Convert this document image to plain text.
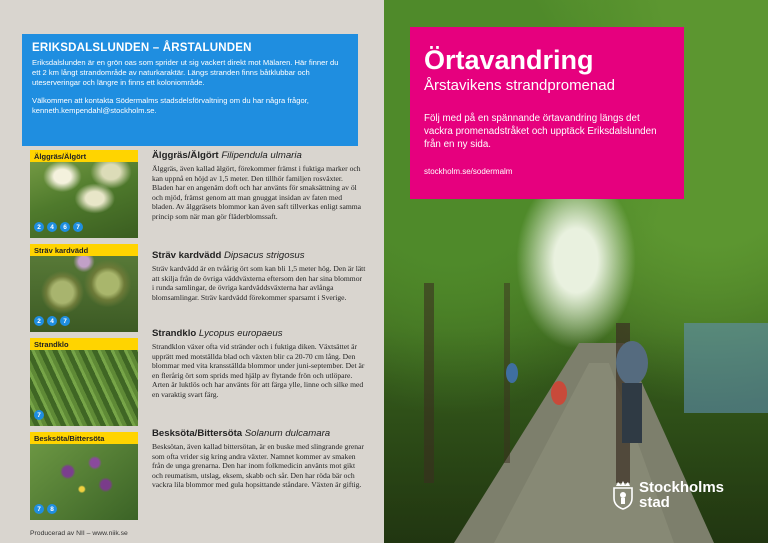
ERIKSDALSLUNDEN – ÅRSTALUNDEN

Eriksdalslunden är en grön oas som sprider ut sig vackert direkt mot Mälaren. Här finner du ett 2 km långt strandområde av naturkaraktär. Längs stranden finns båtklubbar och uteserveringar och längre in finns ett koloniområde.

Välkommen att kontakta Södermalms stadsdelsförvaltning om du har några frågor, kenneth.kempendahl@stockholm.se.

Älggräs/Älgört
2	4	6	7
Älggräs/Älgört Filipendula ulmaria

Älggräs, även kallad älgört, förekommer främst i fuktiga marker och kan uppnå en höjd av 1,5 meter. Den tillhör familjen rosväxter. Bladen har en angenäm doft och har använts för smaksättning av öl och mjöd, främst genom att man gnuggat insidan av faten med bladen. Av älggräsets blommor kan även saft tillverkas enligt samma princip som när man gör fläderblomssaft.

Sträv kardvädd
2	4	7
Sträv kardvädd Dipsacus strigosus

Sträv kardvädd är en tvåårig ört som kan bli 1,5 meter hög. Den är lätt att skilja från de övriga väddväxterna eftersom den har sina blommor i runda samlingar, de övriga kardväddsväxterna har avlånga blomsamlingar. Sträv kardvädd förekommer sparsamt i Sverige.

Strandklo
7
Strandklo Lycopus europaeus

Strandklon växer ofta vid stränder och i fuktiga diken. Växtsättet är upprätt med motställda blad och växten blir ca 20-70 cm lång. Den blommar med vita kransställda blommor under juni-september. Det är en flerårig ört som sprids med hjälp av flytande frön och utlöpare. Arten är luktlös och har använts för att färga ylle, linne och silke med en varaktig svart färg.

Besksöta/Bittersöta
7	8
Besksöta/Bittersöta Solanum dulcamara

Besksötan, även kallad bittersötan, är en buske med slingrande grenar som ofta vrider sig kring andra växter. Namnet kommer av smaken från de unga grenarna. Den har inom folkmedicin använts mot gikt och reumatism, utslag, eksem, skabb och sår. Den har röda bär och vackra lila blommor med gula hopsittande ståndare. Växten är giftig.

Producerad av NII – www.niik.se
Örtavandring
Årstavikens strandpromenad

Följ med på en spännande örtavandring längs det vackra promenadstråket och upptäck Eriksdalslunden från en ny sida.

stockholm.se/sodermalm
Stockholms
stad
